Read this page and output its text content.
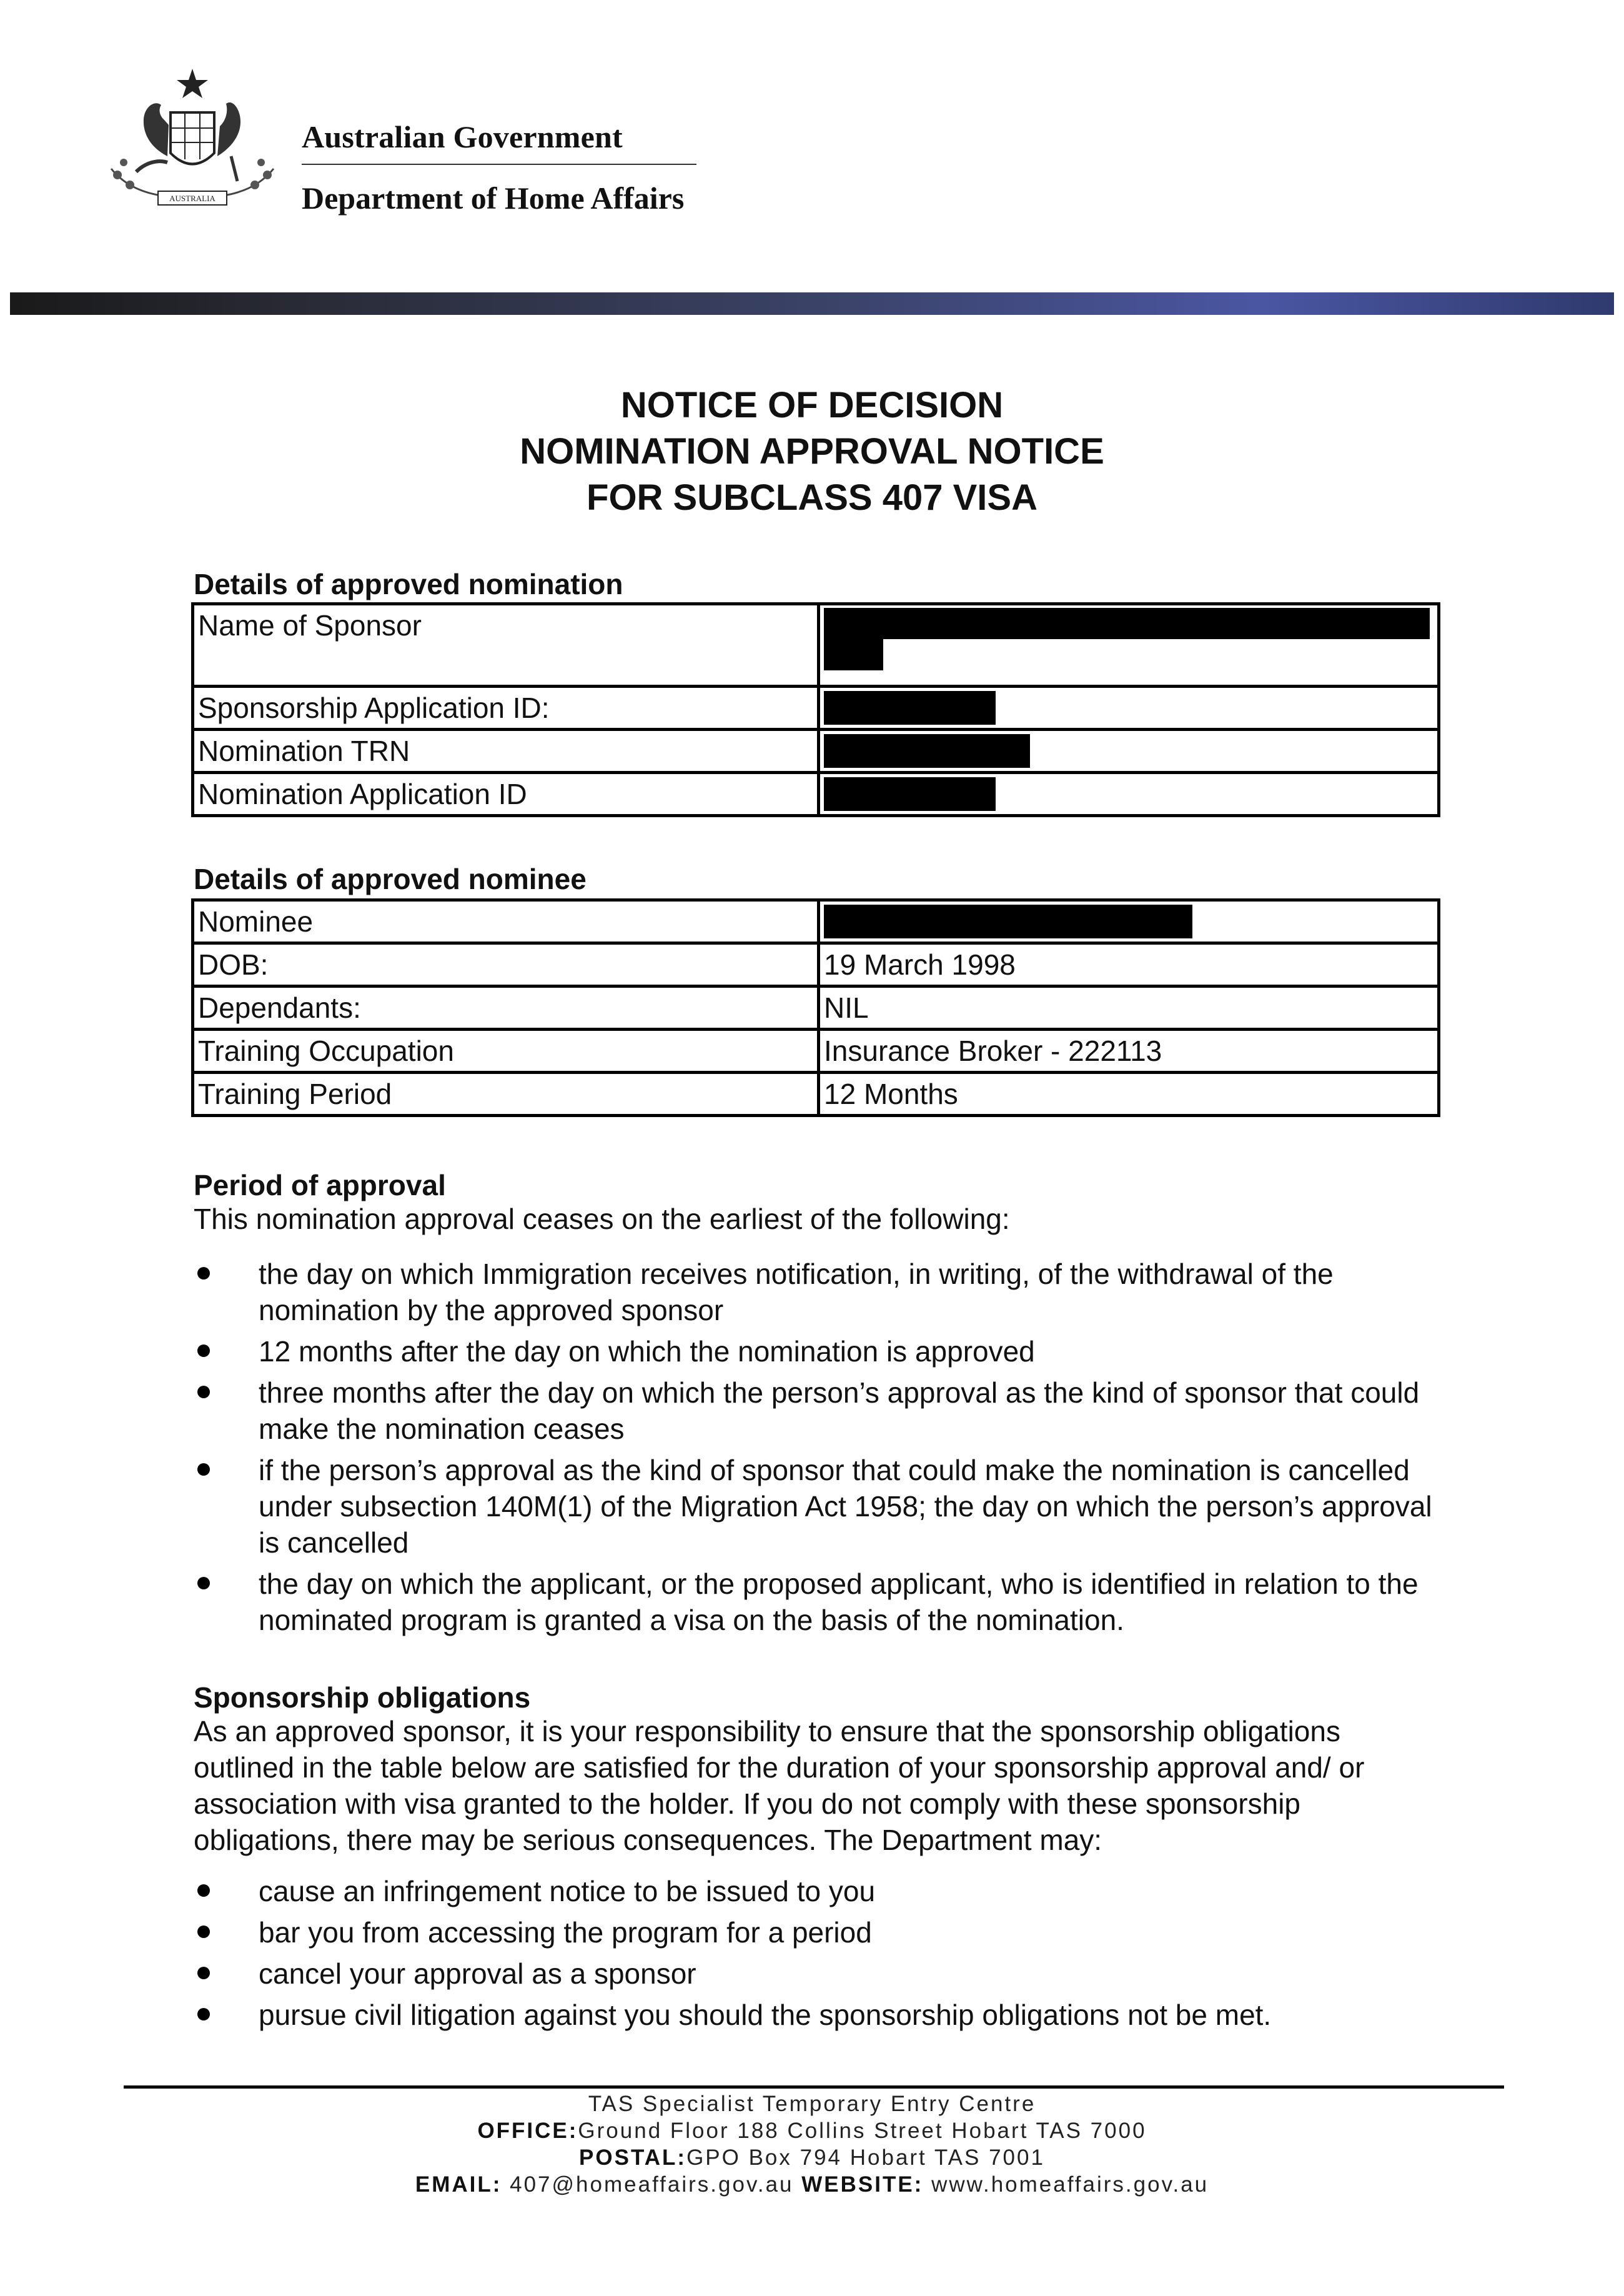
AUSTRALIA
Australian Government
Department of Home Affairs
NOTICE OF DECISION
NOMINATION APPROVAL NOTICE
FOR SUBCLASS 407 VISA
Details of approved nomination
Name of Sponsor	

Sponsorship Application ID:	

Nomination TRN	

Nomination Application ID	
Details of approved nominee
Nominee	

DOB:	19 March 1998
Dependants:	NIL
Training Occupation	Insurance Broker - 222113
Training Period	12 Months
Period of approval
This nomination approval ceases on the earliest of the following:
the day on which Immigration receives notification, in writing, of the withdrawal of the nomination by the approved sponsor
12 months after the day on which the nomination is approved
three months after the day on which the person’s approval as the kind of sponsor that could make the nomination ceases
if the person’s approval as the kind of sponsor that could make the nomination is cancelled under subsection 140M(1) of the Migration Act 1958; the day on which the person’s approval is cancelled
the day on which the applicant, or the proposed applicant, who is identified in relation to the nominated program is granted a visa on the basis of the nomination.
Sponsorship obligations
As an approved sponsor, it is your responsibility to ensure that the sponsorship obligations outlined in the table below are satisfied for the duration of your sponsorship approval and/ or association with visa granted to the holder. If you do not comply with these sponsorship obligations, there may be serious consequences. The Department may:
cause an infringement notice to be issued to you
bar you from accessing the program for a period
cancel your approval as a sponsor
pursue civil litigation against you should the sponsorship obligations not be met.
TAS Specialist Temporary Entry Centre
OFFICE:Ground Floor 188 Collins Street Hobart TAS 7000
POSTAL:GPO Box 794 Hobart TAS 7001
EMAIL: 407@homeaffairs.gov.au WEBSITE: www.homeaffairs.gov.au
